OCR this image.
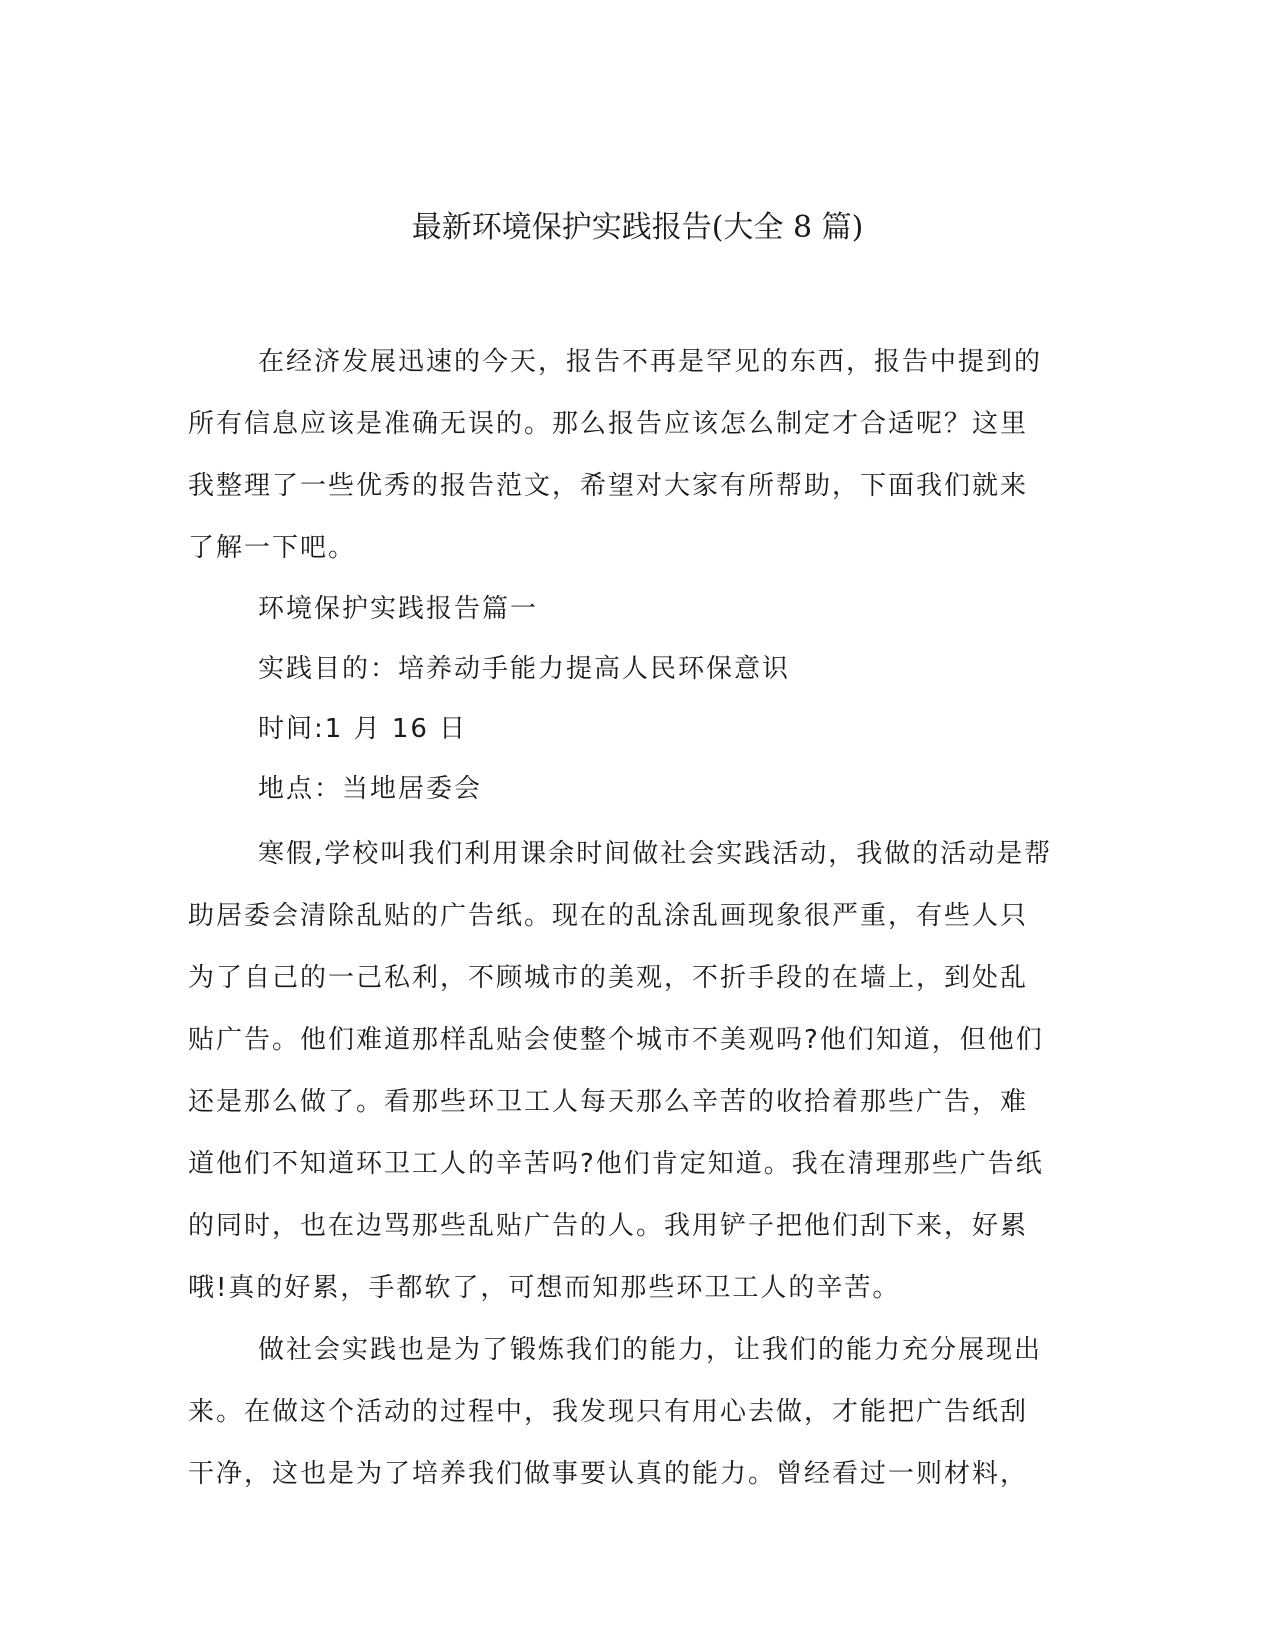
最新环境保护实践报告(大全 8 篇)

在经济发展迅速的今天，报告不再是罕见的东西，报告中提到的
所有信息应该是准确无误的。那么报告应该怎么制定才合适呢？这里
我整理了一些优秀的报告范文，希望对大家有所帮助，下面我们就来
了解一下吧。

环境保护实践报告篇一

实践目的：培养动手能力提高人民环保意识

时间:1 月 16 日

地点：当地居委会

寒假,学校叫我们利用课余时间做社会实践活动，我做的活动是帮
助居委会清除乱贴的广告纸。现在的乱涂乱画现象很严重，有些人只
为了自己的一己私利，不顾城市的美观，不折手段的在墙上，到处乱
贴广告。他们难道那样乱贴会使整个城市不美观吗?他们知道，但他们
还是那么做了。看那些环卫工人每天那么辛苦的收拾着那些广告，难
道他们不知道环卫工人的辛苦吗?他们肯定知道。我在清理那些广告纸
的同时，也在边骂那些乱贴广告的人。我用铲子把他们刮下来，好累
哦!真的好累，手都软了，可想而知那些环卫工人的辛苦。

做社会实践也是为了锻炼我们的能力，让我们的能力充分展现出
来。在做这个活动的过程中，我发现只有用心去做，才能把广告纸刮
干净，这也是为了培养我们做事要认真的能力。曾经看过一则材料，
